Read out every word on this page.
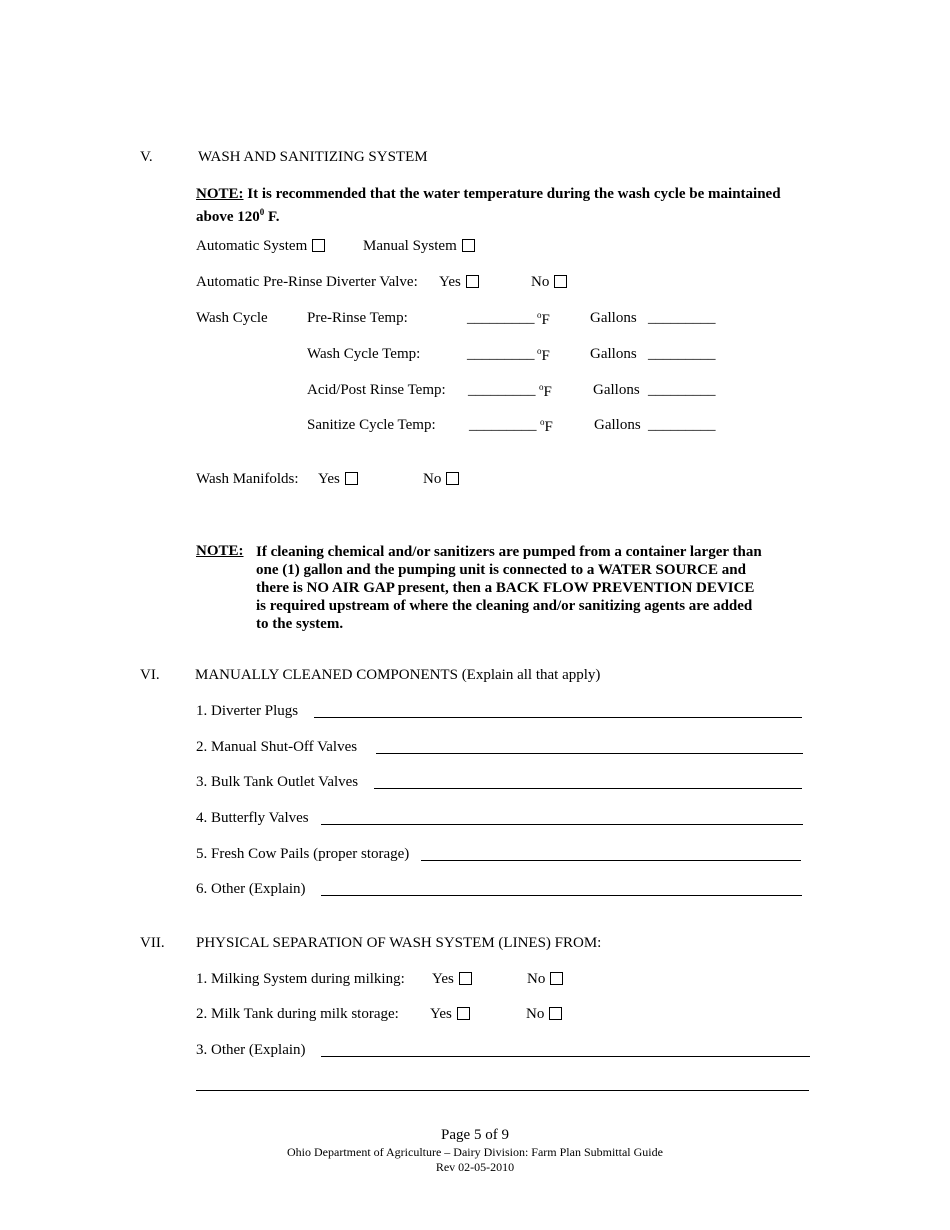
V.	WASH AND SANITIZING SYSTEM
NOTE: It is recommended that the water temperature during the wash cycle be maintained
above $120^0$ F.
Automatic System	Manual System
Automatic Pre-Rinse Diverter Valve: Yes	No
Wash Cycle	Pre-Rinse Temp:	_________ $^o$F	Gallons _________
Wash Cycle Temp:	_________ $^o$F	Gallons _________
Acid/Post Rinse Temp: _________ $^o$F	Gallons _________
Sanitize Cycle Temp: _________ $^o$F	Gallons _________
Wash Manifolds: Yes	No
NOTE: If cleaning chemical and/or sanitizers are pumped from a container larger than
one (1) gallon and the pumping unit is connected to a WATER SOURCE and
there is NO AIR GAP present, then a BACK FLOW PREVENTION DEVICE
is required upstream of where the cleaning and/or sanitizing agents are added
to the system.
VI. MANUALLY CLEANED COMPONENTS (Explain all that apply)
1. Diverter Plugs
2. Manual Shut-Off Valves
3. Bulk Tank Outlet Valves
4. Butterfly Valves
5. Fresh Cow Pails (proper storage)
6. Other (Explain)
VII. PHYSICAL SEPARATION OF WASH SYSTEM (LINES) FROM:
1. Milking System during milking: Yes	No
2. Milk Tank during milk storage: Yes	No
3. Other (Explain)
Page 5 of 9
Ohio Department of Agriculture – Dairy Division: Farm Plan Submittal Guide
Rev 02-05-2010
